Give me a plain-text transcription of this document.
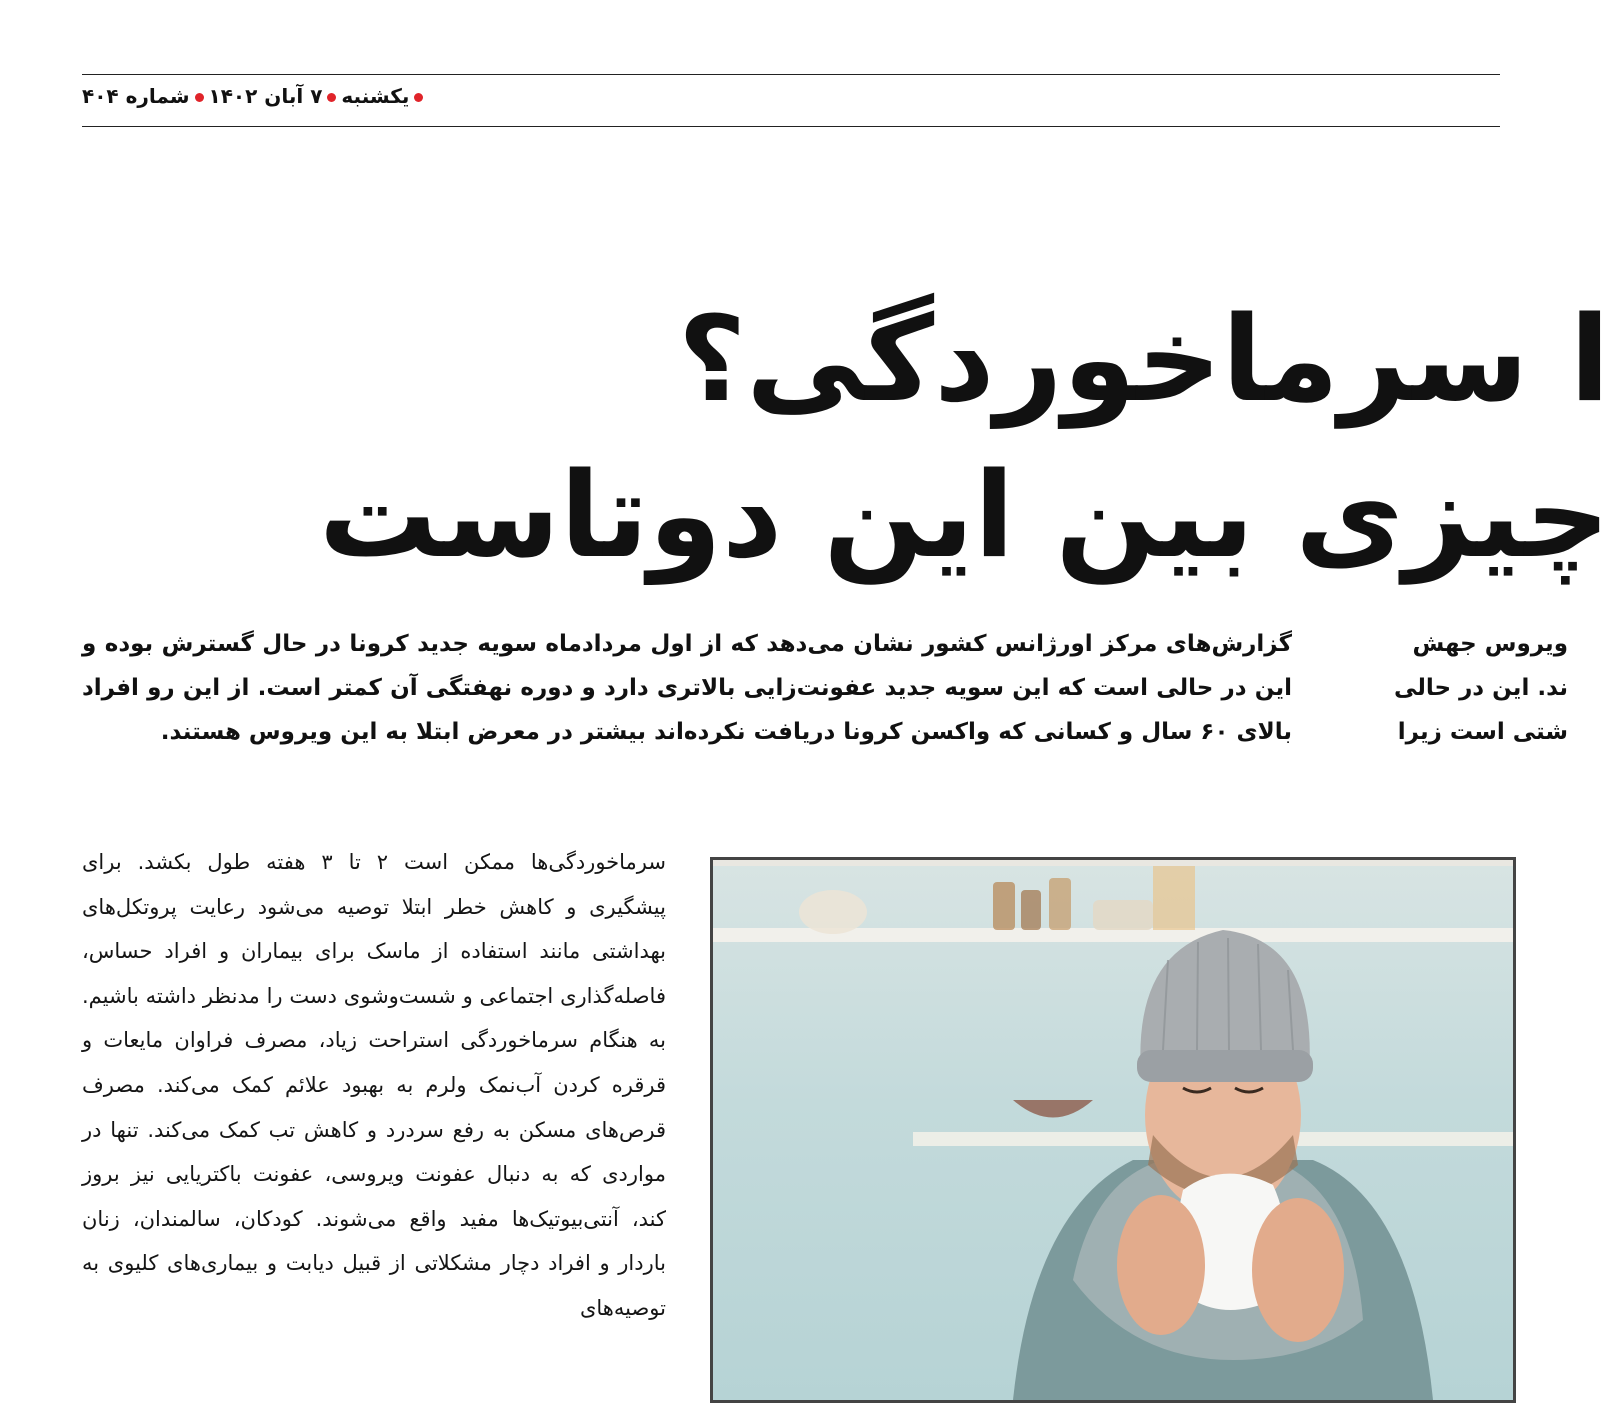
یکشنبه۷ آبان ۱۴۰۲شماره ۴۰۴
ا سرماخوردگی؟
چیزی بین این دوتاست
گزارش‌های مرکز اورژانس کشور نشان می‌دهد که از اول مردادماه سویه جدید کرونا در حال گسترش بوده و این در حالی است که این سویه جدید عفونت‌زایی بالاتری دارد و دوره نهفتگی آن کمتر است. از این رو افراد بالای ۶۰ سال و کسانی که واکسن کرونا دریافت نکرده‌اند بیشتر در معرض ابتلا به این ویروس هستند.
ویروس جهش
ند. این در حالی
شتی است زیرا
سرماخوردگی‌ها ممکن است ۲ تا ۳ هفته طول بکشد. برای پیشگیری و کاهش خطر ابتلا توصیه می‌شود رعایت پروتکل‌های بهداشتی مانند استفاده از ماسک برای بیماران و افراد حساس، فاصله‌گذاری اجتماعی و شست‌وشوی دست را مدنظر داشته باشیم. به هنگام سرماخوردگی استراحت زیاد، مصرف فراوان مایعات و قرقره کردن آب‌نمک ولرم به بهبود علائم کمک می‌کند. مصرف قرص‌های مسکن به رفع سردرد و کاهش تب کمک می‌کند. تنها در مواردی که به دنبال عفونت ویروسی، عفونت باکتریایی نیز بروز کند، آنتی‌بیوتیک‌ها مفید واقع می‌شوند. کودکان، سالمندان، زنان باردار و افراد دچار مشکلاتی از قبیل دیابت و بیماری‌های کلیوی به توصیه‌های
